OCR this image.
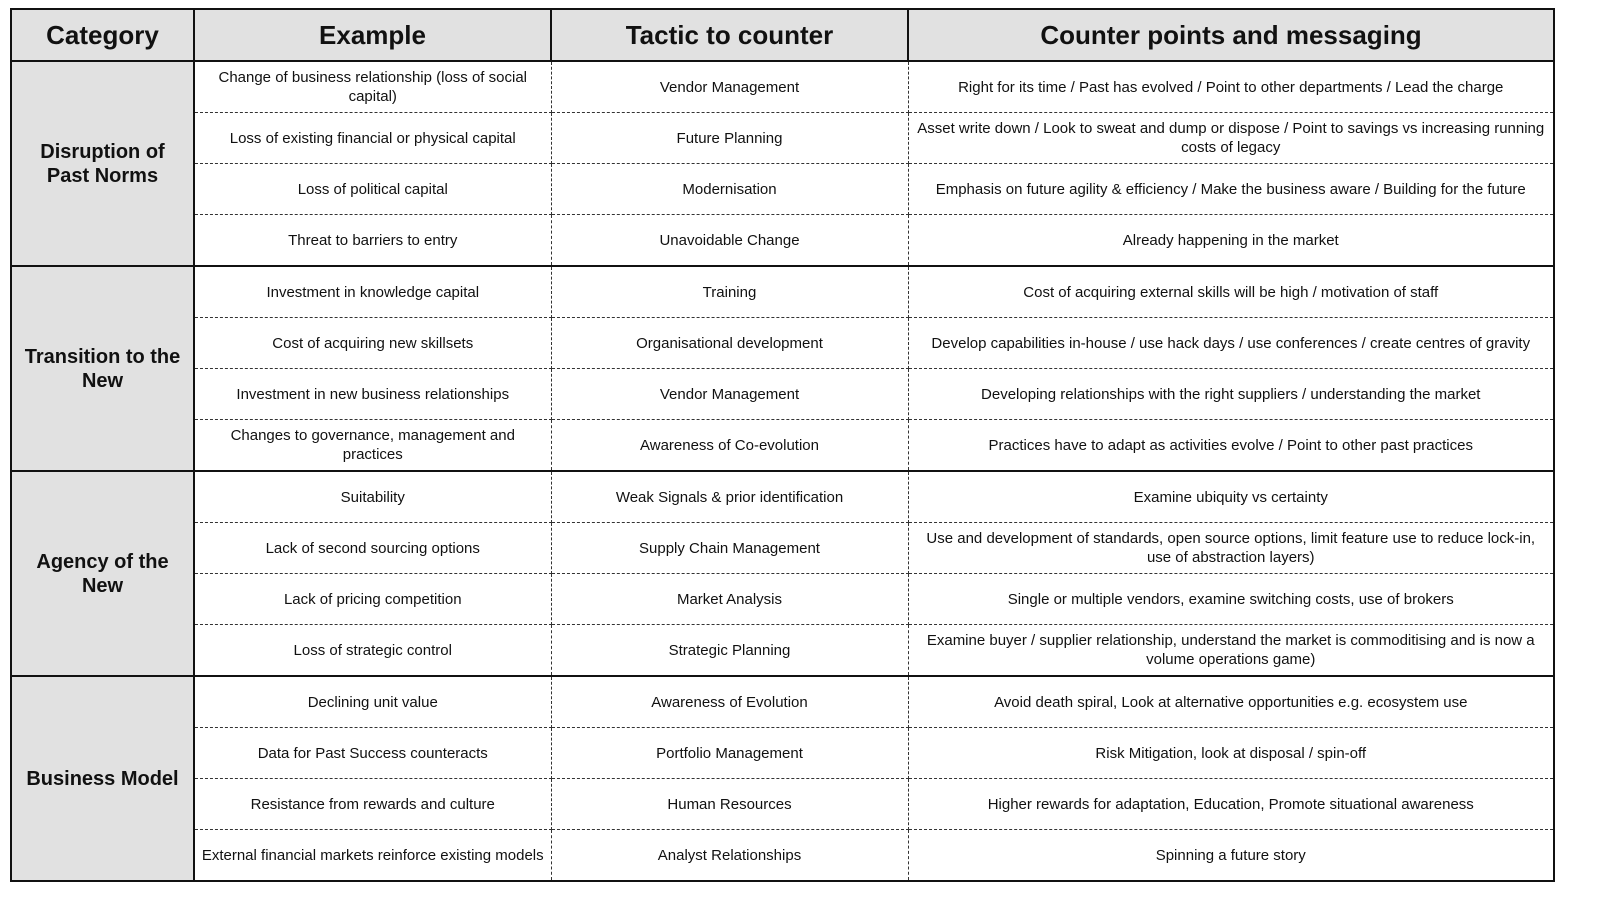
Category	Example	Tactic to counter	Counter points and messaging
Disruption of Past Norms	Change of business relationship (loss of social capital)	Vendor Management	Right for its time / Past has evolved / Point to other departments / Lead the charge
	Loss of existing financial or physical capital	Future Planning	Asset write down / Look to sweat and dump or dispose / Point to savings vs increasing running costs of legacy
	Loss of political capital	Modernisation	Emphasis on future agility & efficiency / Make the business aware / Building for the future
	Threat to barriers to entry	Unavoidable Change	Already happening in the market
Transition to the New	Investment in knowledge capital	Training	Cost of acquiring external skills will be high / motivation of staff
	Cost of acquiring new skillsets	Organisational development	Develop capabilities in-house / use hack days / use conferences / create centres of gravity
	Investment in new business relationships	Vendor Management	Developing relationships with the right suppliers / understanding the market
	Changes to governance, management and practices	Awareness of Co-evolution	Practices have to adapt as activities evolve / Point to other past practices
Agency of the New	Suitability	Weak Signals & prior identification	Examine ubiquity vs certainty
	Lack of second sourcing options	Supply Chain Management	Use and development of standards, open source options, limit feature use to reduce lock-in, use of abstraction layers)
	Lack of pricing competition	Market Analysis	Single or multiple vendors, examine switching costs, use of brokers
	Loss of strategic control	Strategic Planning	Examine buyer / supplier relationship, understand the market is commoditising and is now a volume operations game)
Business Model	Declining unit value	Awareness of Evolution	Avoid death spiral, Look at alternative opportunities e.g. ecosystem use
	Data for Past Success counteracts	Portfolio Management	Risk Mitigation, look at disposal / spin-off
	Resistance from rewards and culture	Human Resources	Higher rewards for adaptation, Education, Promote situational awareness
	External financial markets reinforce existing models	Analyst Relationships	Spinning a future story
